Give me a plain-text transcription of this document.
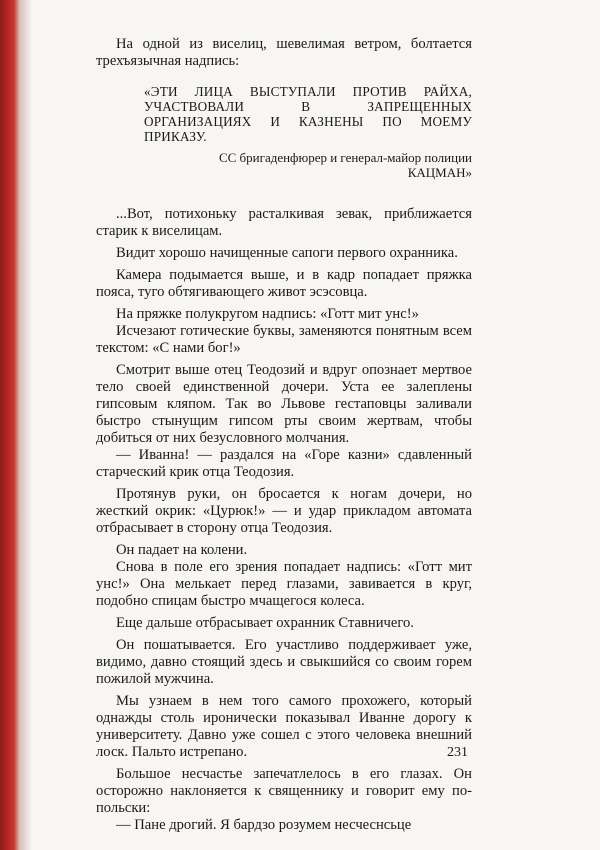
На одной из виселиц, шевелимая ветром, болтается трехъязычная надпись:

«ЭТИ ЛИЦА ВЫСТУПАЛИ ПРОТИВ РАЙХА, УЧАСТВОВАЛИ В ЗАПРЕЩЕННЫХ ОРГАНИЗАЦИЯХ И КАЗНЕНЫ ПО МОЕМУ ПРИКАЗУ.

СС бригаденфюрер и генерал-майор полиции
КАЦМАН»

...Вот, потихоньку расталкивая зевак, приближается старик к виселицам.

Видит хорошо начищенные сапоги первого охранника.

Камера подымается выше, и в кадр попадает пряжка пояса, туго обтягивающего живот эсэсовца.

На пряжке полукругом надпись: «Готт мит унс!»

Исчезают готические буквы, заменяются понятным всем текстом: «С нами бог!»

Смотрит выше отец Теодозий и вдруг опознает мертвое тело своей единственной дочери. Уста ее залеплены гипсовым кляпом. Так во Львове гестаповцы заливали быстро стынущим гипсом рты своим жертвам, чтобы добиться от них безусловного молчания.

— Иванна! — раздался на «Горе казни» сдавленный старческий крик отца Теодозия.

Протянув руки, он бросается к ногам дочери, но жесткий окрик: «Цурюк!» — и удар прикладом автомата отбрасывает в сторону отца Теодозия.

Он падает на колени.

Снова в поле его зрения попадает надпись: «Готт мит унс!» Она мелькает перед глазами, завивается в круг, подобно спицам быстро мчащегося колеса.

Еще дальше отбрасывает охранник Ставничего.

Он пошатывается. Его участливо поддерживает уже, видимо, давно стоящий здесь и свыкшийся со своим горем пожилой мужчина.

Мы узнаем в нем того самого прохожего, который однажды столь иронически показывал Иванне дорогу к университету. Давно уже сошел с этого человека внешний лоск. Пальто истрепано.

Большое несчастье запечатлелось в его глазах. Он осторожно наклоняется к священнику и говорит ему по-польски:

— Пане дрогий. Я бардзо розумем несчеснсьце

231
